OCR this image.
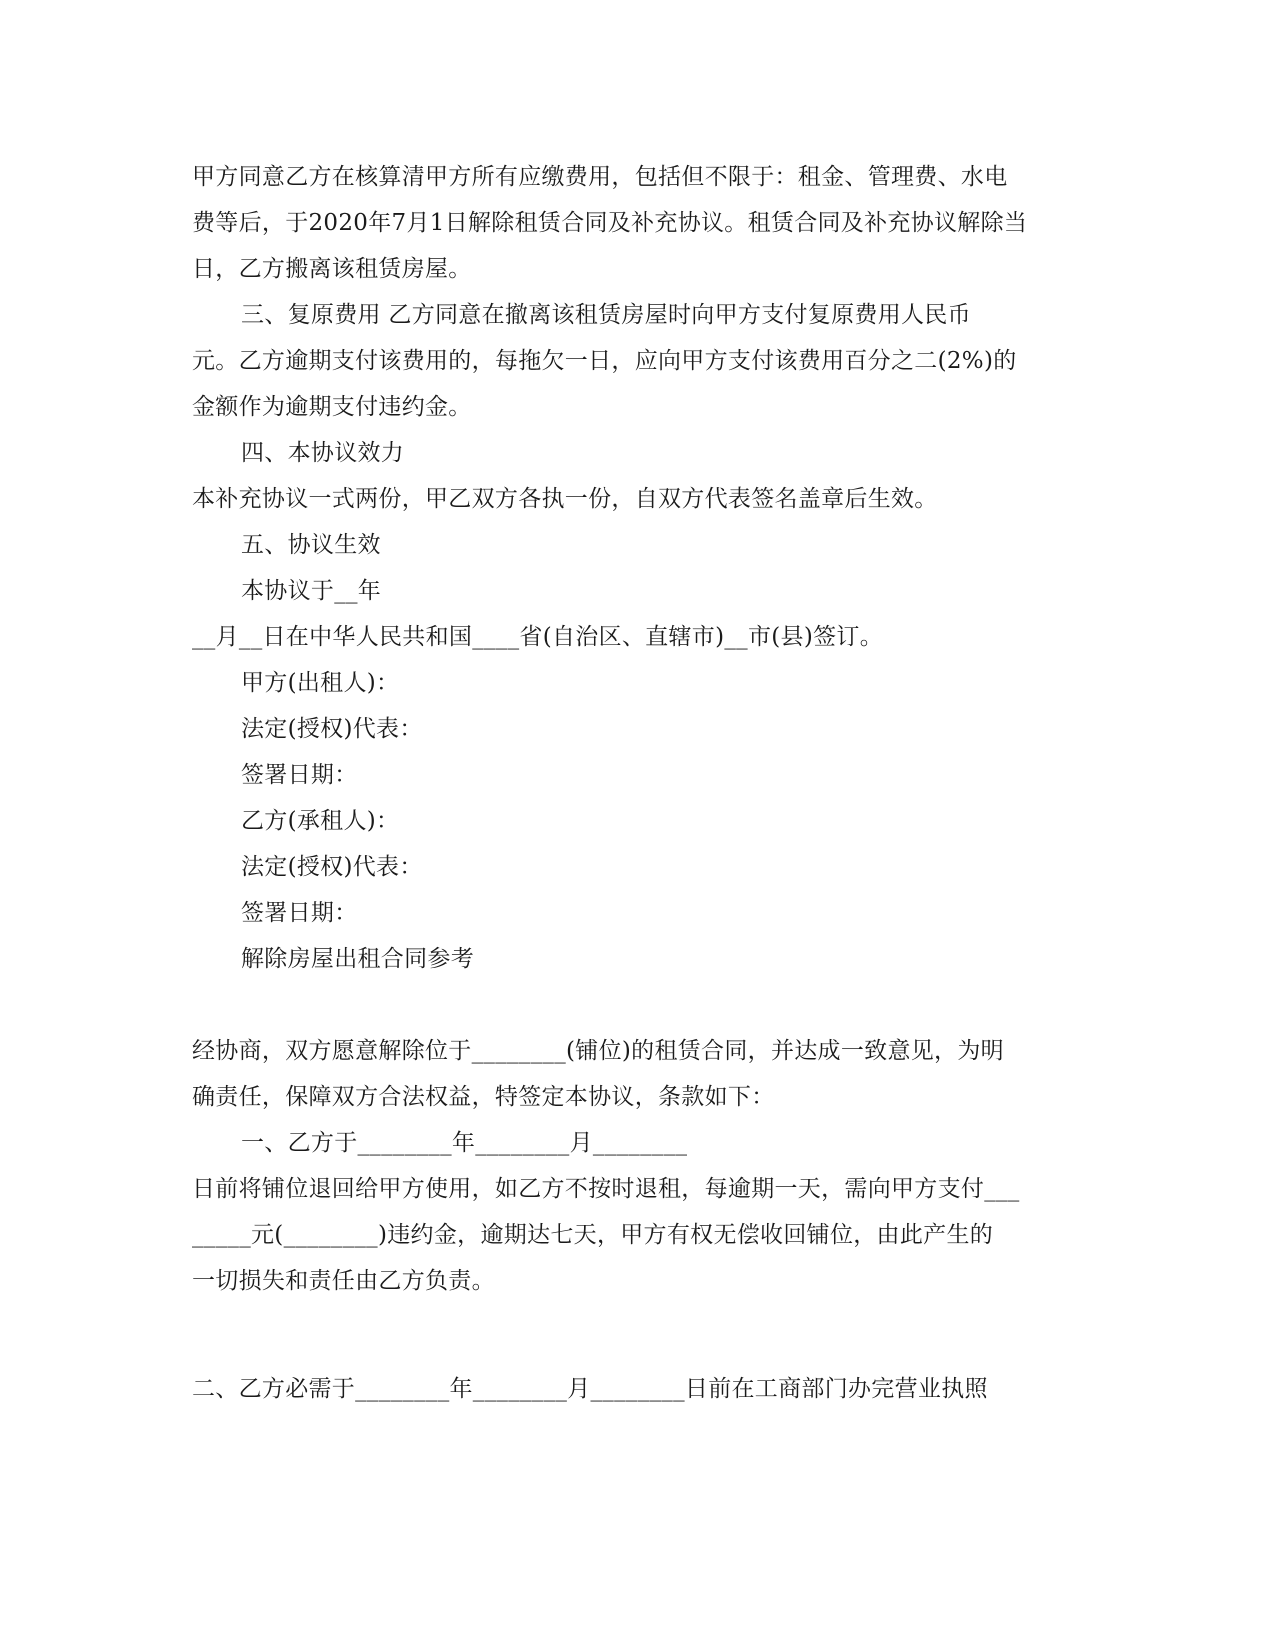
甲方同意乙方在核算清甲方所有应缴费用，包括但不限于：租金、管理费、水电
费等后，于2020年7月1日解除租赁合同及补充协议。租赁合同及补充协议解除当
日，乙方搬离该租赁房屋。
三、复原费用 乙方同意在撤离该租赁房屋时向甲方支付复原费用人民币
元。乙方逾期支付该费用的，每拖欠一日，应向甲方支付该费用百分之二(2%)的
金额作为逾期支付违约金。
四、本协议效力
本补充协议一式两份，甲乙双方各执一份，自双方代表签名盖章后生效。
五、协议生效
本协议于__年
__月__日在中华人民共和国____省(自治区、直辖市)__市(县)签订。
甲方(出租人)：
法定(授权)代表：
签署日期：
乙方(承租人)：
法定(授权)代表：
签署日期：
解除房屋出租合同参考
经协商，双方愿意解除位于________(铺位)的租赁合同，并达成一致意见，为明
确责任，保障双方合法权益，特签定本协议，条款如下：
一、乙方于________年________月________
日前将铺位退回给甲方使用，如乙方不按时退租，每逾期一天，需向甲方支付___
_____元(________)违约金，逾期达七天，甲方有权无偿收回铺位，由此产生的
一切损失和责任由乙方负责。
二、乙方必需于________年________月________日前在工商部门办完营业执照
